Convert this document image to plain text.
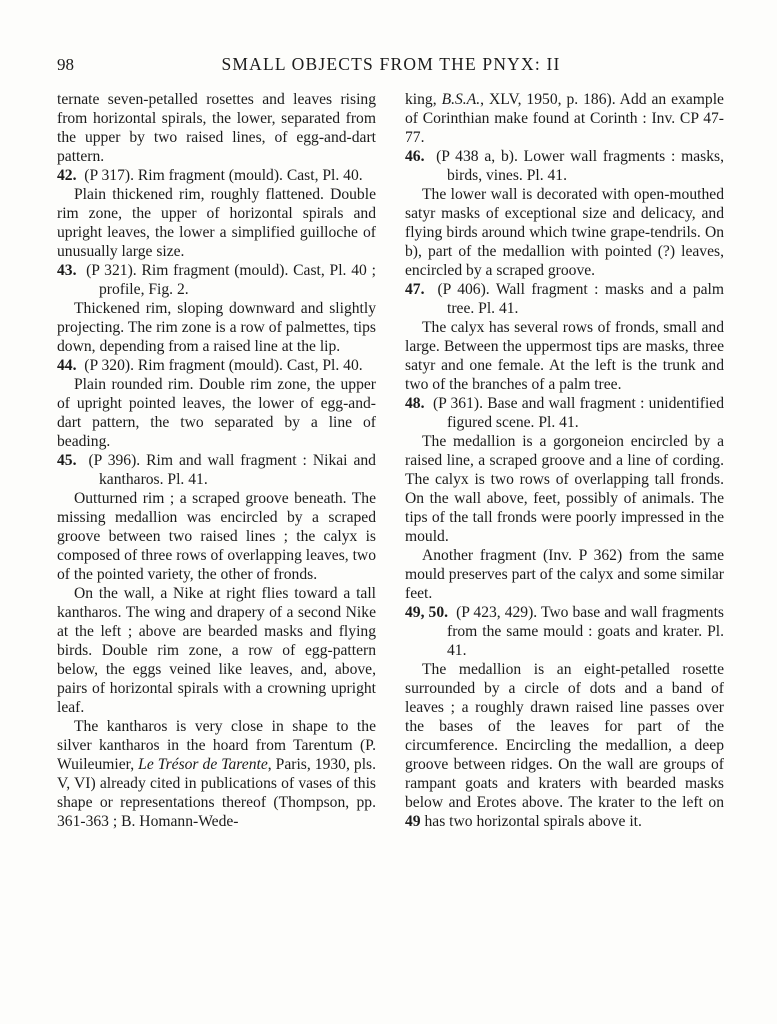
98	SMALL OBJECTS FROM THE PNYX: II

ternate seven-petalled rosettes and leaves rising from horizontal spirals, the lower, separated from the upper by two raised lines, of egg-and-dart pattern.

42.  (P 317). Rim fragment (mould). Cast, Pl. 40.

Plain thickened rim, roughly flattened. Double rim zone, the upper of horizontal spirals and upright leaves, the lower a simplified guilloche of unusually large size.

43.  (P 321). Rim fragment (mould). Cast, Pl. 40 ; profile, Fig. 2.

Thickened rim, sloping downward and slightly projecting. The rim zone is a row of palmettes, tips down, depending from a raised line at the lip.

44.  (P 320). Rim fragment (mould). Cast, Pl. 40.

Plain rounded rim. Double rim zone, the upper of upright pointed leaves, the lower of egg-and-dart pattern, the two separated by a line of beading.

45.  (P 396). Rim and wall fragment : Nikai and kantharos. Pl. 41.

Outturned rim ; a scraped groove beneath. The missing medallion was encircled by a scraped groove between two raised lines ; the calyx is composed of three rows of overlapping leaves, two of the pointed variety, the other of fronds.

On the wall, a Nike at right flies toward a tall kantharos. The wing and drapery of a second Nike at the left ; above are bearded masks and flying birds. Double rim zone, a row of egg-pattern below, the eggs veined like leaves, and, above, pairs of horizontal spirals with a crowning upright leaf.

The kantharos is very close in shape to the silver kantharos in the hoard from Tarentum (P. Wuileumier, Le Trésor de Tarente, Paris, 1930, pls. V, VI) already cited in publications of vases of this shape or representations thereof (Thompson, pp. 361-363 ; B. Homann-Wede-

king, B.S.A., XLV, 1950, p. 186). Add an example of Corinthian make found at Corinth : Inv. CP 47-77.

46.  (P 438 a, b). Lower wall fragments : masks, birds, vines. Pl. 41.

The lower wall is decorated with open-mouthed satyr masks of exceptional size and delicacy, and flying birds around which twine grape-tendrils. On b), part of the medallion with pointed (?) leaves, encircled by a scraped groove.

47.  (P 406). Wall fragment : masks and a palm tree. Pl. 41.

The calyx has several rows of fronds, small and large. Between the uppermost tips are masks, three satyr and one female. At the left is the trunk and two of the branches of a palm tree.

48.  (P 361). Base and wall fragment : unidentified figured scene. Pl. 41.

The medallion is a gorgoneion encircled by a raised line, a scraped groove and a line of cording. The calyx is two rows of overlapping tall fronds. On the wall above, feet, possibly of animals. The tips of the tall fronds were poorly impressed in the mould.

Another fragment (Inv. P 362) from the same mould preserves part of the calyx and some similar feet.

49, 50.  (P 423, 429). Two base and wall fragments from the same mould : goats and krater. Pl. 41.

The medallion is an eight-petalled rosette surrounded by a circle of dots and a band of leaves ; a roughly drawn raised line passes over the bases of the leaves for part of the circumference. Encircling the medallion, a deep groove between ridges. On the wall are groups of rampant goats and kraters with bearded masks below and Erotes above. The krater to the left on 49 has two horizontal spirals above it.
